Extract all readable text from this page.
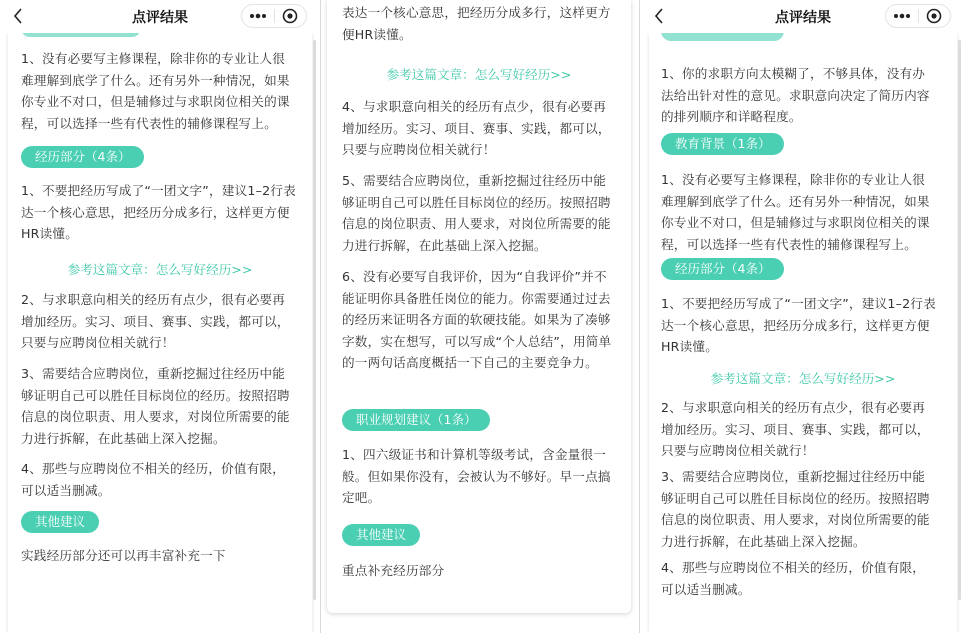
点评结果
1、没有必要写主修课程，除非你的专业让人很难理解到底学了什么。还有另外一种情况，如果你专业不对口，但是辅修过与求职岗位相关的课程，可以选择一些有代表性的辅修课程写上。
经历部分（4条）
1、不要把经历写成了“一团文字”，建议1–2行表达一个核心意思，把经历分成多行，这样更方便HR读懂。
参考这篇文章：怎么写好经历>>
2、与求职意向相关的经历有点少，很有必要再增加经历。实习、项目、赛事、实践，都可以，只要与应聘岗位相关就行！
3、需要结合应聘岗位，重新挖掘过往经历中能够证明自己可以胜任目标岗位的经历。按照招聘信息的岗位职责、用人要求，对岗位所需要的能力进行拆解，在此基础上深入挖掘。
4、那些与应聘岗位不相关的经历，价值有限，可以适当删减。
其他建议
实践经历部分还可以再丰富补充一下
表达一个核心意思，把经历分成多行，这样更方便HR读懂。
参考这篇文章：怎么写好经历>>
4、与求职意向相关的经历有点少，很有必要再增加经历。实习、项目、赛事、实践，都可以，只要与应聘岗位相关就行！
5、需要结合应聘岗位，重新挖掘过往经历中能够证明自己可以胜任目标岗位的经历。按照招聘信息的岗位职责、用人要求，对岗位所需要的能力进行拆解，在此基础上深入挖掘。
6、没有必要写自我评价，因为“自我评价”并不能证明你具备胜任岗位的能力。你需要通过过去的经历来证明各方面的软硬技能。如果为了凑够字数，实在想写，可以写成“个人总结”，用简单的一两句话高度概括一下自己的主要竞争力。
职业规划建议（1条）
1、四六级证书和计算机等级考试，含金量很一般。但如果你没有，会被认为不够好。早一点搞定吧。
其他建议
重点补充经历部分
点评结果
1、你的求职方向太模糊了，不够具体，没有办法给出针对性的意见。求职意向决定了简历内容的排列顺序和详略程度。
教育背景（1条）
1、没有必要写主修课程，除非你的专业让人很难理解到底学了什么。还有另外一种情况，如果你专业不对口，但是辅修过与求职岗位相关的课程，可以选择一些有代表性的辅修课程写上。
经历部分（4条）
1、不要把经历写成了“一团文字”，建议1–2行表达一个核心意思，把经历分成多行，这样更方便HR读懂。
参考这篇文章：怎么写好经历>>
2、与求职意向相关的经历有点少，很有必要再增加经历。实习、项目、赛事、实践，都可以，只要与应聘岗位相关就行！
3、需要结合应聘岗位，重新挖掘过往经历中能够证明自己可以胜任目标岗位的经历。按照招聘信息的岗位职责、用人要求，对岗位所需要的能力进行拆解，在此基础上深入挖掘。
4、那些与应聘岗位不相关的经历，价值有限，可以适当删减。
